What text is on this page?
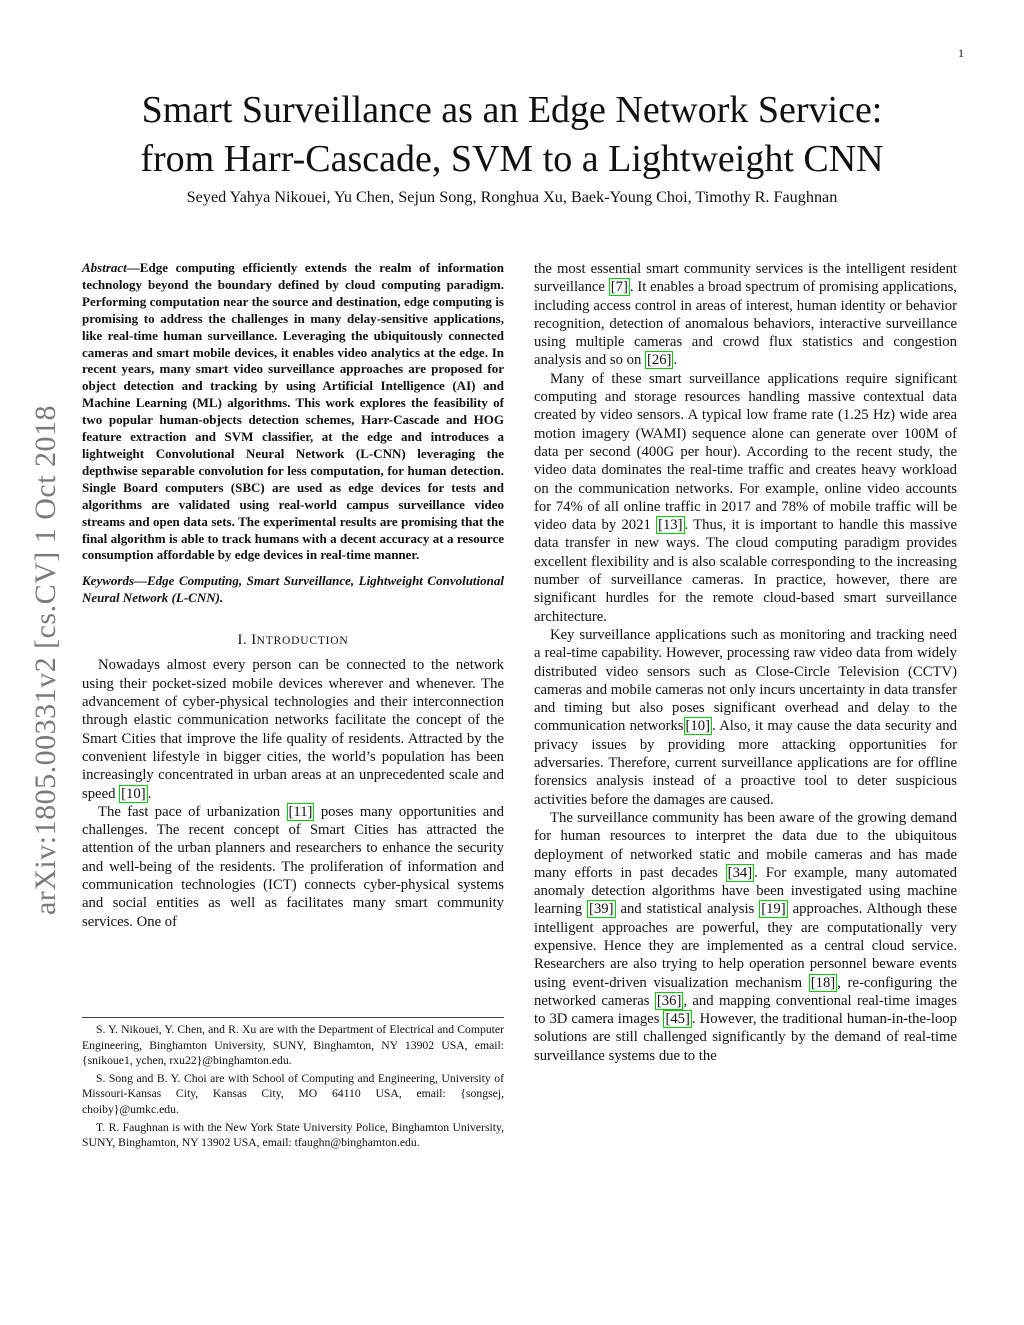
1
arXiv:1805.00331v2 [cs.CV] 1 Oct 2018
Smart Surveillance as an Edge Network Service:
from Harr-Cascade, SVM to a Lightweight CNN
Seyed Yahya Nikouei, Yu Chen, Sejun Song, Ronghua Xu, Baek-Young Choi, Timothy R. Faughnan

Abstract—Edge computing efficiently extends the realm of information technology beyond the boundary defined by cloud computing paradigm. Performing computation near the source and destination, edge computing is promising to address the challenges in many delay-sensitive applications, like real-time human surveillance. Leveraging the ubiquitously connected cameras and smart mobile devices, it enables video analytics at the edge. In recent years, many smart video surveillance approaches are proposed for object detection and tracking by using Artificial Intelligence (AI) and Machine Learning (ML) algorithms. This work explores the feasibility of two popular human-objects detection schemes, Harr-Cascade and HOG feature extraction and SVM classifier, at the edge and introduces a lightweight Convolutional Neural Network (L-CNN) leveraging the depthwise separable convolution for less computation, for human detection. Single Board computers (SBC) are used as edge devices for tests and algorithms are validated using real-world campus surveillance video streams and open data sets. The experimental results are promising that the final algorithm is able to track humans with a decent accuracy at a resource consumption affordable by edge devices in real-time manner.

Keywords—Edge Computing, Smart Surveillance, Lightweight Convolutional Neural Network (L-CNN).

I. INTRODUCTION

Nowadays almost every person can be connected to the network using their pocket-sized mobile devices wherever and whenever. The advancement of cyber-physical technologies and their interconnection through elastic communication networks facilitate the concept of the Smart Cities that improve the life quality of residents. Attracted by the convenient lifestyle in bigger cities, the world’s population has been increasingly concentrated in urban areas at an unprecedented scale and speed [10] .

The fast pace of urbanization [11] poses many opportunities and challenges. The recent concept of Smart Cities has attracted the attention of the urban planners and researchers to enhance the security and well-being of the residents. The proliferation of information and communication technologies (ICT) connects cyber-physical systems and social entities as well as facilitates many smart community services. One of

S. Y. Nikouei, Y. Chen, and R. Xu are with the Department of Electrical and Computer Engineering, Binghamton University, SUNY, Binghamton, NY 13902 USA, email: {snikoue1, ychen, rxu22}@binghamton.edu.

S. Song and B. Y. Choi are with School of Computing and Engineering, University of Missouri-Kansas City, Kansas City, MO 64110 USA, email: {songsej, choiby}@umkc.edu.

T. R. Faughnan is with the New York State University Police, Binghamton University, SUNY, Binghamton, NY 13902 USA, email: tfaughn@binghamton.edu.

the most essential smart community services is the intelligent resident surveillance [7] . It enables a broad spectrum of promising applications, including access control in areas of interest, human identity or behavior recognition, detection of anomalous behaviors, interactive surveillance using multiple cameras and crowd flux statistics and congestion analysis and so on [26] .

Many of these smart surveillance applications require significant computing and storage resources handling massive contextual data created by video sensors. A typical low frame rate (1.25 Hz) wide area motion imagery (WAMI) sequence alone can generate over 100M of data per second (400G per hour). According to the recent study, the video data dominates the real-time traffic and creates heavy workload on the communication networks. For example, online video accounts for 74% of all online traffic in 2017 and 78% of mobile traffic will be video data by 2021 [13] . Thus, it is important to handle this massive data transfer in new ways. The cloud computing paradigm provides excellent flexibility and is also scalable corresponding to the increasing number of surveillance cameras. In practice, however, there are significant hurdles for the remote cloud-based smart surveillance architecture.

Key surveillance applications such as monitoring and tracking need a real-time capability. However, processing raw video data from widely distributed video sensors such as Close-Circle Television (CCTV) cameras and mobile cameras not only incurs uncertainty in data transfer and timing but also poses significant overhead and delay to the communication networks [10] . Also, it may cause the data security and privacy issues by providing more attacking opportunities for adversaries. Therefore, current surveillance applications are for offline forensics analysis instead of a proactive tool to deter suspicious activities before the damages are caused.

The surveillance community has been aware of the growing demand for human resources to interpret the data due to the ubiquitous deployment of networked static and mobile cameras and has made many efforts in past decades [34] . For example, many automated anomaly detection algorithms have been investigated using machine learning [39] and statistical analysis [19] approaches. Although these intelligent approaches are powerful, they are computationally very expensive. Hence they are implemented as a central cloud service. Researchers are also trying to help operation personnel beware events using event-driven visualization mechanism [18] , re-configuring the networked cameras [36] , and mapping conventional real-time images to 3D camera images [45] . However, the traditional human-in-the-loop solutions are still challenged significantly by the demand of real-time surveillance systems due to the
